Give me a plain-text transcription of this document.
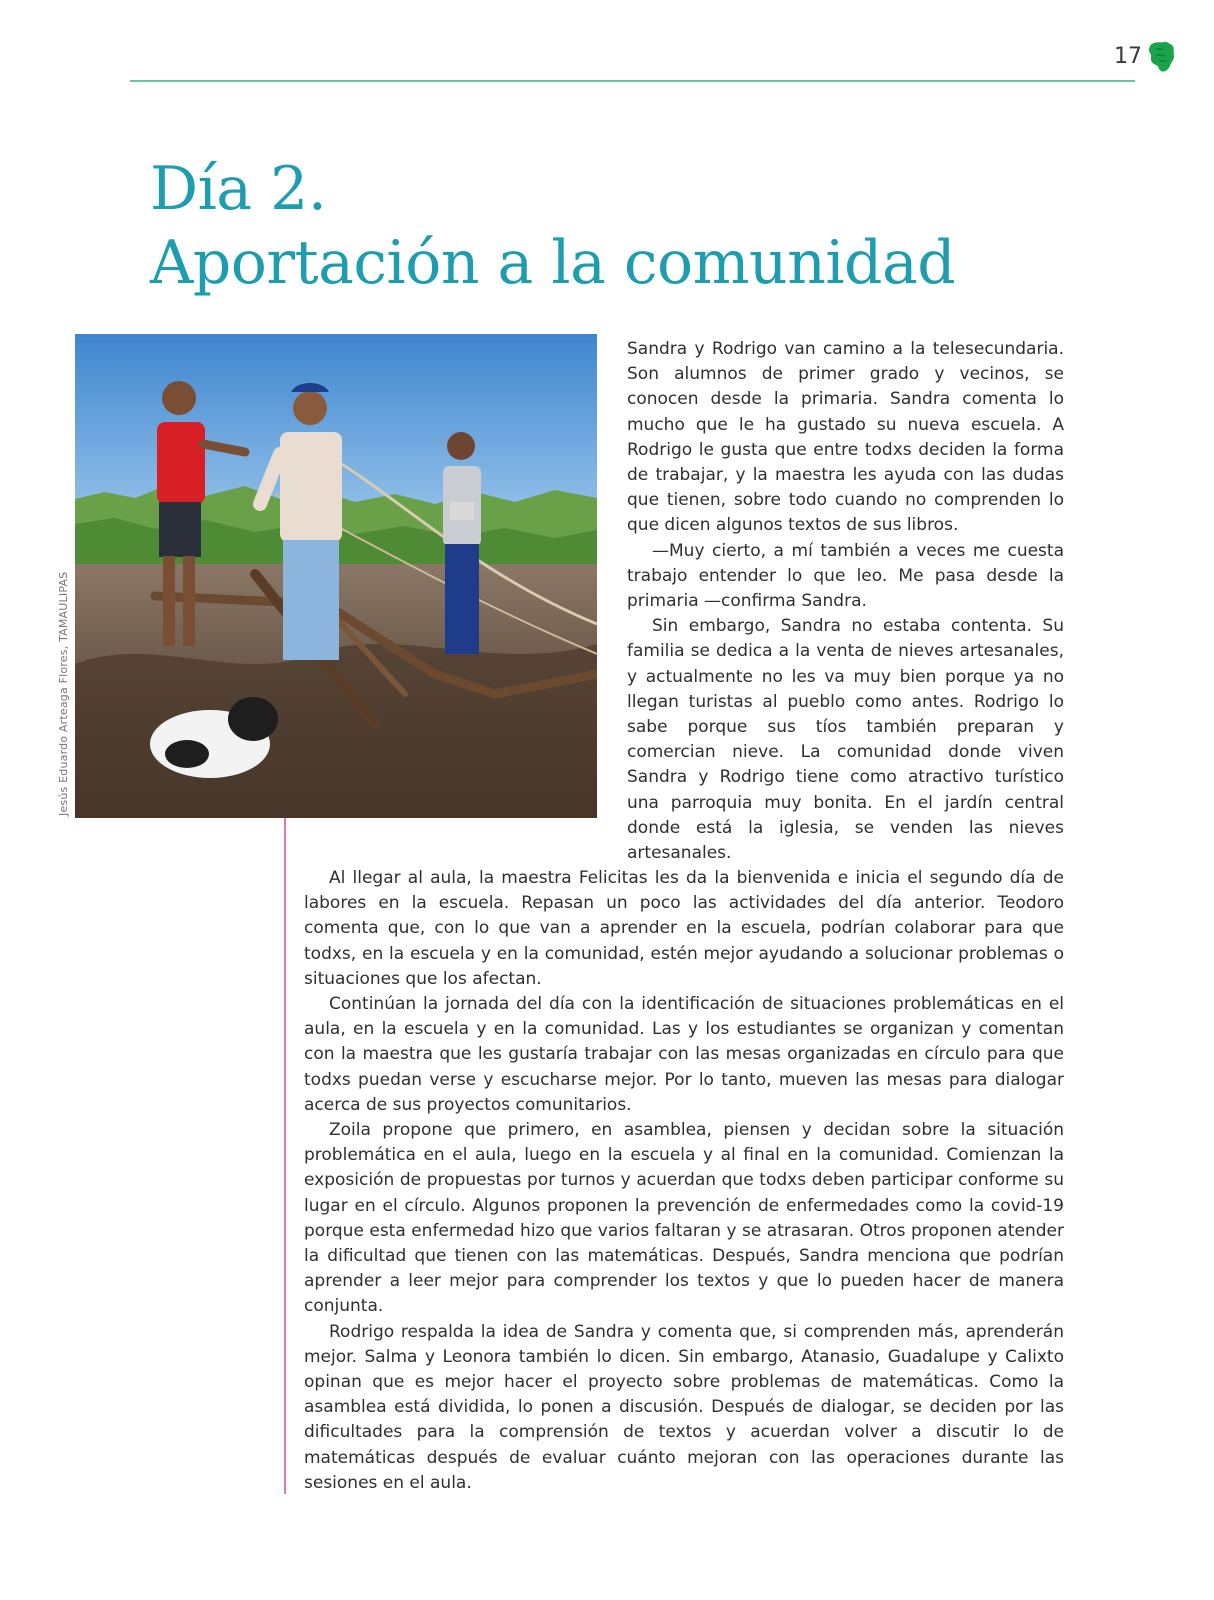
17
Día 2.
Aportación a la comunidad
Jesús Eduardo Arteaga Flores, TAMAULIPAS

Sandra y Rodrigo van camino a la telesecundaria. Son alumnos de primer grado y vecinos, se conocen desde la primaria. Sandra comenta lo mucho que le ha gustado su nueva escuela. A Rodrigo le gusta que entre todxs deciden la forma de trabajar, y la maestra les ayuda con las dudas que tienen, sobre todo cuando no comprenden lo que dicen algunos textos de sus libros.

—Muy cierto, a mí también a veces me cuesta trabajo entender lo que leo. Me pasa desde la primaria —confirma Sandra.

Sin embargo, Sandra no estaba contenta. Su familia se dedica a la venta de nieves artesanales, y actualmente no les va muy bien porque ya no llegan turistas al pueblo como antes. Rodrigo lo sabe porque sus tíos también preparan y comercian nieve. La comunidad donde viven Sandra y Rodrigo tiene como atractivo turístico una parroquia muy bonita. En el jardín central donde está la iglesia, se venden las nieves artesanales.

Al llegar al aula, la maestra Felicitas les da la bienvenida e inicia el segundo día de labores en la escuela. Repasan un poco las actividades del día anterior. Teodoro comenta que, con lo que van a aprender en la escuela, podrían colaborar para que todxs, en la escuela y en la comunidad, estén mejor ayudando a solucionar problemas o situaciones que los afectan.

Continúan la jornada del día con la identificación de situaciones problemáticas en el aula, en la escuela y en la comunidad. Las y los estudiantes se organizan y comentan con la maestra que les gustaría trabajar con las mesas organizadas en círculo para que todxs puedan verse y escucharse mejor. Por lo tanto, mueven las mesas para dialogar acerca de sus proyectos comunitarios.

Zoila propone que primero, en asamblea, piensen y decidan sobre la situación problemática en el aula, luego en la escuela y al final en la comunidad. Comienzan la exposición de propuestas por turnos y acuerdan que todxs deben participar conforme su lugar en el círculo. Algunos proponen la prevención de enfermedades como la covid-19 porque esta enfermedad hizo que varios faltaran y se atrasaran. Otros proponen atender la dificultad que tienen con las matemáticas. Después, Sandra menciona que podrían aprender a leer mejor para comprender los textos y que lo pueden hacer de manera conjunta.

Rodrigo respalda la idea de Sandra y comenta que, si comprenden más, aprenderán mejor. Salma y Leonora también lo dicen. Sin embargo, Atanasio, Guadalupe y Calixto opinan que es mejor hacer el proyecto sobre problemas de matemáticas. Como la asamblea está dividida, lo ponen a discusión. Después de dialogar, se deciden por las dificultades para la comprensión de textos y acuerdan volver a discutir lo de matemáticas después de evaluar cuánto mejoran con las operaciones durante las sesiones en el aula.
